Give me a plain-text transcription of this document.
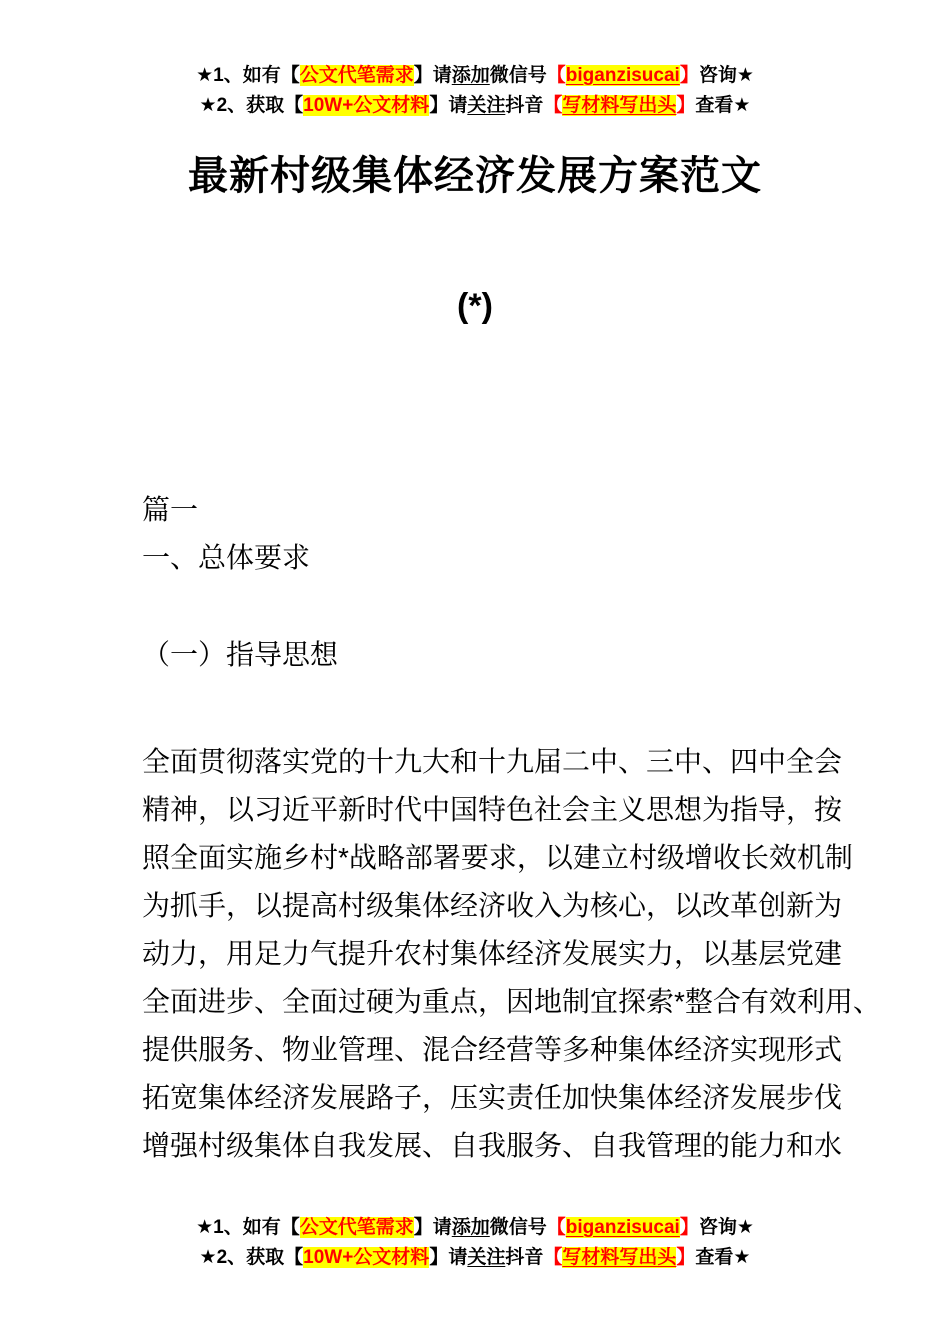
★1、如有【公文代笔需求】请添加微信号【biganzisucai】咨询★
★2、获取【10W+公文材料】请关注抖音【写材料写出头】查看★
最新村级集体经济发展方案范文
(*)
篇一
一、总体要求
（一）指导思想
全面贯彻落实党的十九大和十九届二中、三中、四中全会
精神，以习近平新时代中国特色社会主义思想为指导，按
照全面实施乡村*战略部署要求，以建立村级增收长效机制
为抓手，以提高村级集体经济收入为核心，以改革创新为
动力，用足力气提升农村集体经济发展实力，以基层党建
全面进步、全面过硬为重点，因地制宜探索*整合有效利用、
提供服务、物业管理、混合经营等多种集体经济实现形式
拓宽集体经济发展路子，压实责任加快集体经济发展步伐
增强村级集体自我发展、自我服务、自我管理的能力和水
★1、如有【公文代笔需求】请添加微信号【biganzisucai】咨询★
★2、获取【10W+公文材料】请关注抖音【写材料写出头】查看★
